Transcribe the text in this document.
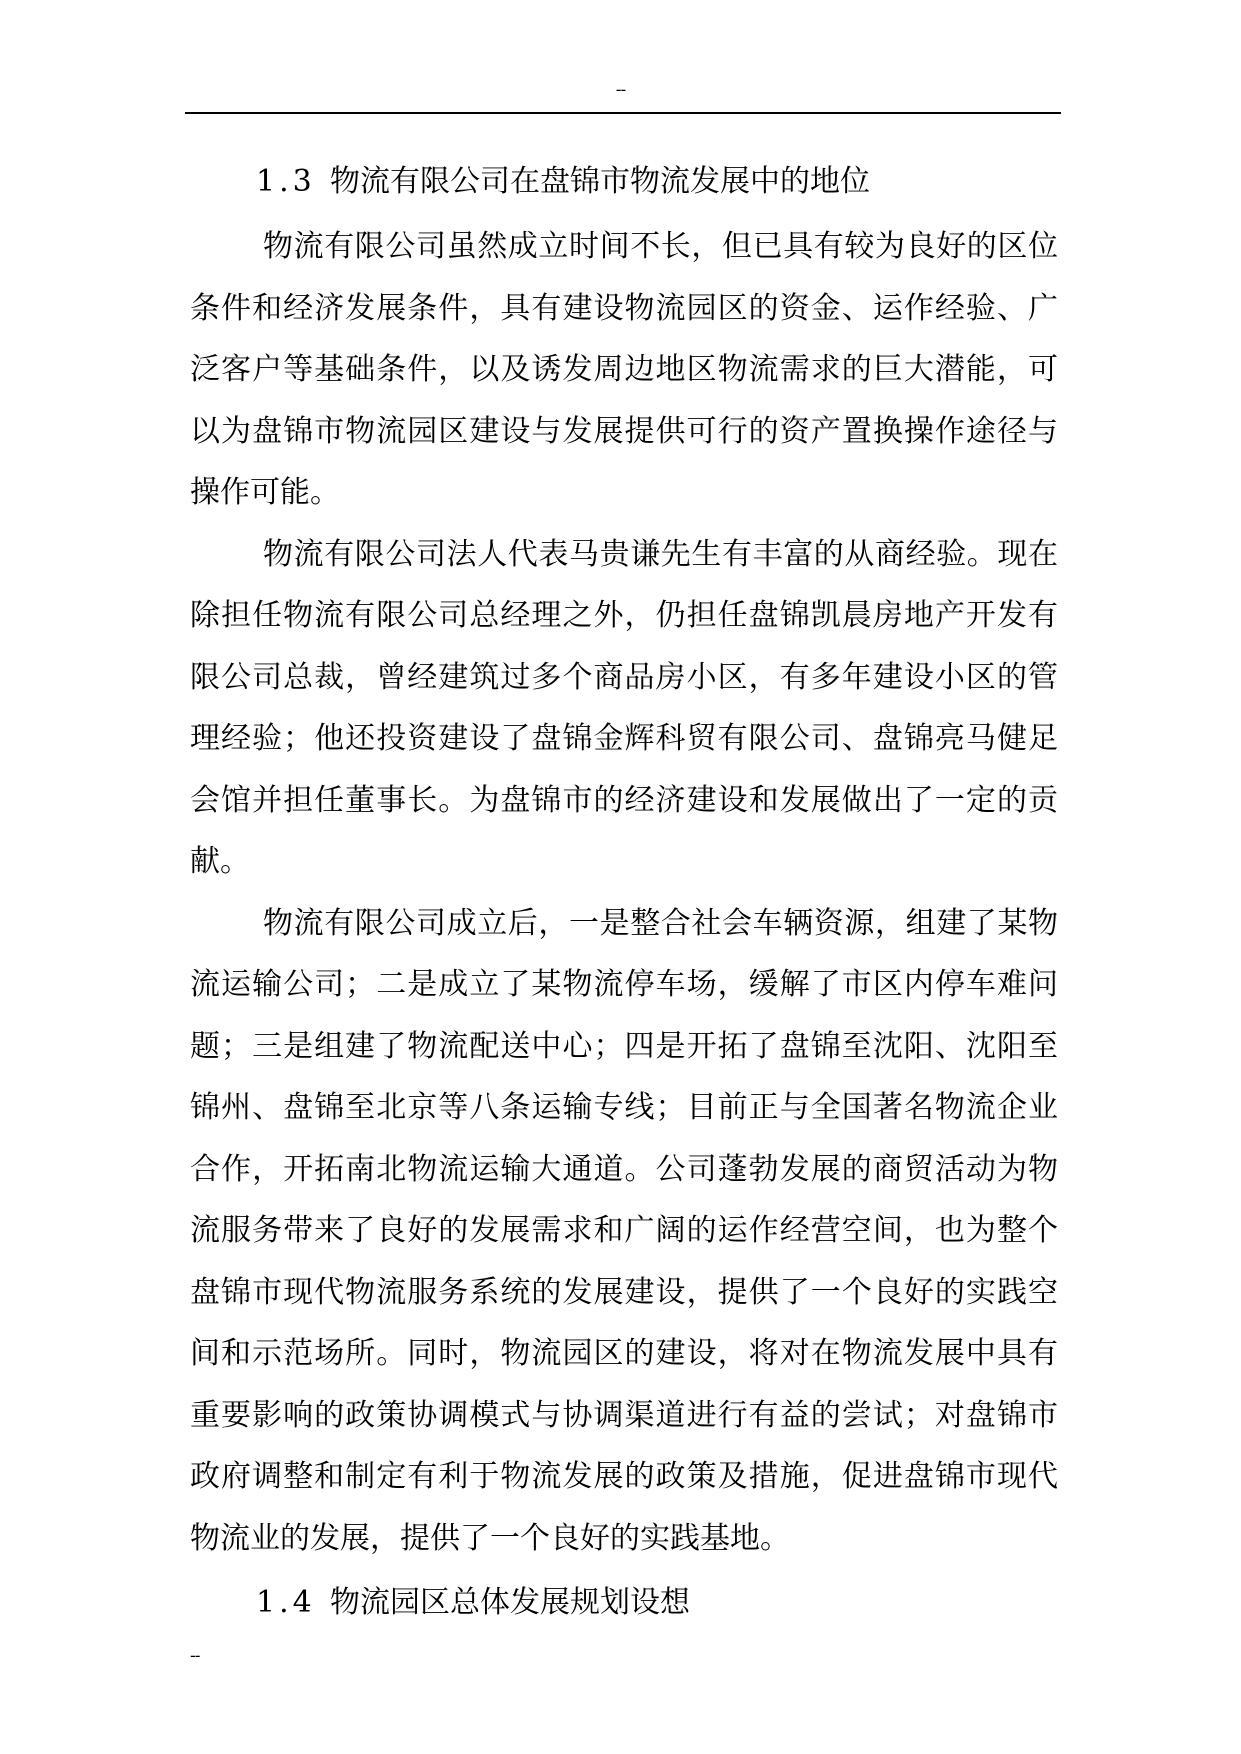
--
1.3 物流有限公司在盘锦市物流发展中的地位

物流有限公司虽然成立时间不长，但已具有较为良好的区位条件和经济发展条件，具有建设物流园区的资金、运作经验、广泛客户等基础条件，以及诱发周边地区物流需求的巨大潜能，可以为盘锦市物流园区建设与发展提供可行的资产置换操作途径与操作可能。

物流有限公司法人代表马贵谦先生有丰富的从商经验。现在除担任物流有限公司总经理之外，仍担任盘锦凯晨房地产开发有限公司总裁，曾经建筑过多个商品房小区，有多年建设小区的管理经验；他还投资建设了盘锦金辉科贸有限公司、盘锦亮马健足会馆并担任董事长。为盘锦市的经济建设和发展做出了一定的贡献。

物流有限公司成立后，一是整合社会车辆资源，组建了某物流运输公司；二是成立了某物流停车场，缓解了市区内停车难问题；三是组建了物流配送中心；四是开拓了盘锦至沈阳、沈阳至锦州、盘锦至北京等八条运输专线；目前正与全国著名物流企业合作，开拓南北物流运输大通道。公司蓬勃发展的商贸活动为物流服务带来了良好的发展需求和广阔的运作经营空间，也为整个盘锦市现代物流服务系统的发展建设，提供了一个良好的实践空间和示范场所。同时，物流园区的建设，将对在物流发展中具有重要影响的政策协调模式与协调渠道进行有益的尝试；对盘锦市政府调整和制定有利于物流发展的政策及措施，促进盘锦市现代物流业的发展，提供了一个良好的实践基地。

1.4 物流园区总体发展规划设想
--
